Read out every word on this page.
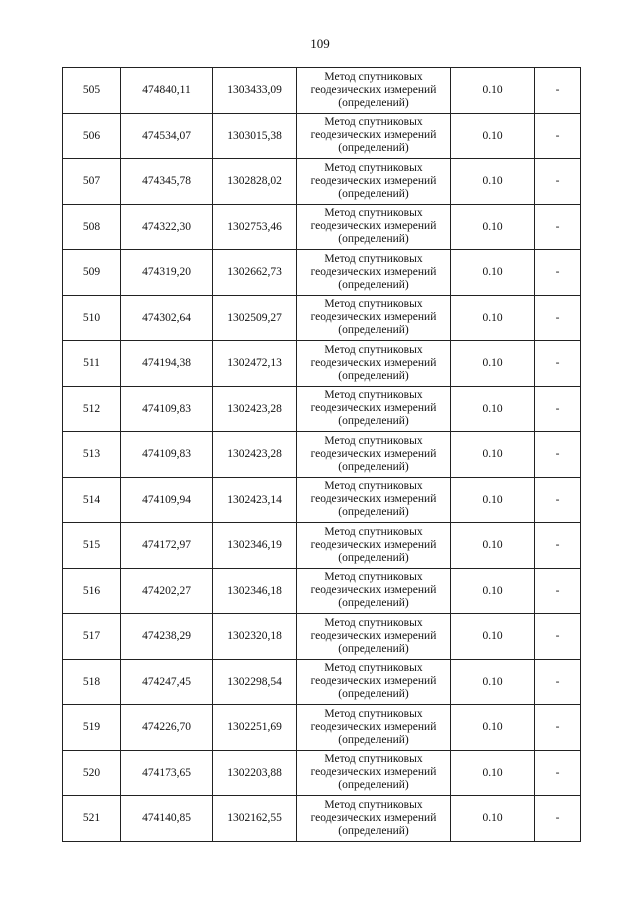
109
505	474840,11	1303433,09	Метод спутниковых
геодезических измерений
(определений)	0.10	-
506	474534,07	1303015,38	Метод спутниковых
геодезических измерений
(определений)	0.10	-
507	474345,78	1302828,02	Метод спутниковых
геодезических измерений
(определений)	0.10	-
508	474322,30	1302753,46	Метод спутниковых
геодезических измерений
(определений)	0.10	-
509	474319,20	1302662,73	Метод спутниковых
геодезических измерений
(определений)	0.10	-
510	474302,64	1302509,27	Метод спутниковых
геодезических измерений
(определений)	0.10	-
511	474194,38	1302472,13	Метод спутниковых
геодезических измерений
(определений)	0.10	-
512	474109,83	1302423,28	Метод спутниковых
геодезических измерений
(определений)	0.10	-
513	474109,83	1302423,28	Метод спутниковых
геодезических измерений
(определений)	0.10	-
514	474109,94	1302423,14	Метод спутниковых
геодезических измерений
(определений)	0.10	-
515	474172,97	1302346,19	Метод спутниковых
геодезических измерений
(определений)	0.10	-
516	474202,27	1302346,18	Метод спутниковых
геодезических измерений
(определений)	0.10	-
517	474238,29	1302320,18	Метод спутниковых
геодезических измерений
(определений)	0.10	-
518	474247,45	1302298,54	Метод спутниковых
геодезических измерений
(определений)	0.10	-
519	474226,70	1302251,69	Метод спутниковых
геодезических измерений
(определений)	0.10	-
520	474173,65	1302203,88	Метод спутниковых
геодезических измерений
(определений)	0.10	-
521	474140,85	1302162,55	Метод спутниковых
геодезических измерений
(определений)	0.10	-
